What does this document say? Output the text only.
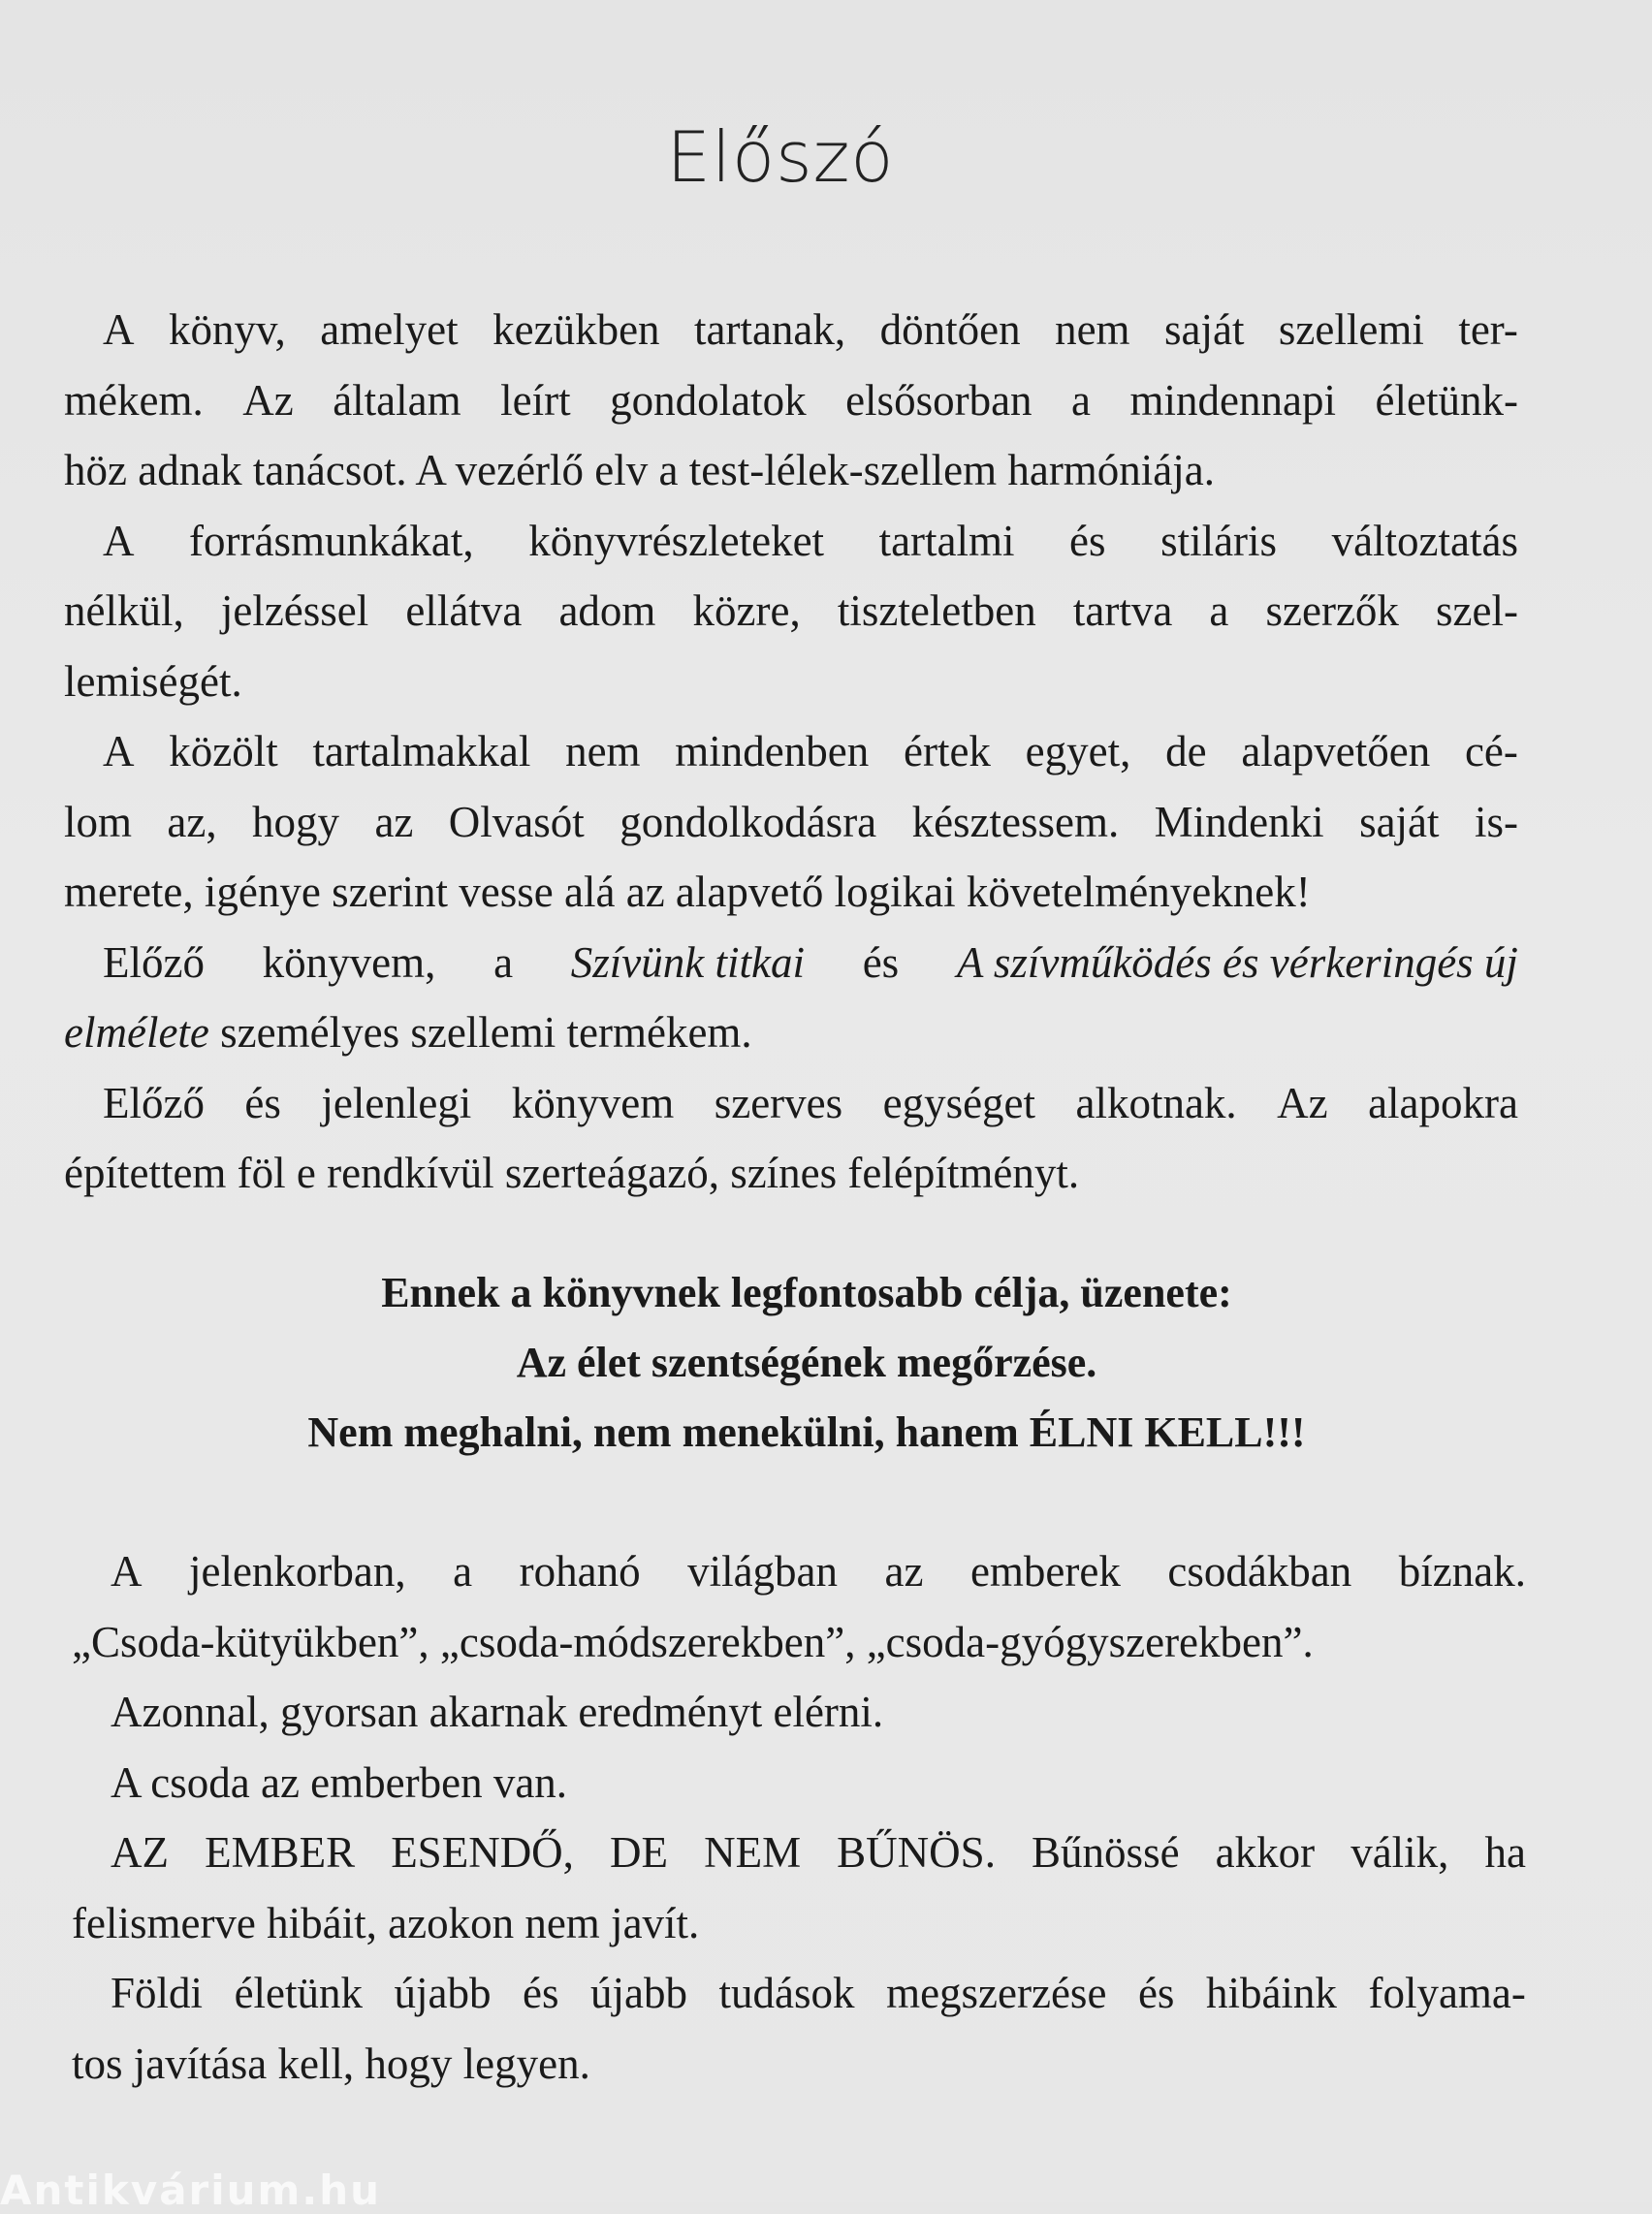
Előszó
A könyv, amelyet kezükben tartanak, döntően nem saját szellemi ter-
mékem. Az általam leírt gondolatok elsősorban a mindennapi életünk-
höz adnak tanácsot. A vezérlő elv a test-lélek-szellem harmóniája.
A forrásmunkákat, könyvrészleteket tartalmi és stiláris változtatás
nélkül, jelzéssel ellátva adom közre, tiszteletben tartva a szerzők szel-
lemiségét.
A közölt tartalmakkal nem mindenben értek egyet, de alapvetően cé-
lom az, hogy az Olvasót gondolkodásra késztessem. Mindenki saját is-
merete, igénye szerint vesse alá az alapvető logikai követelményeknek!
Előző könyvem, a Szívünk titkai és A szívműködés és vérkeringés új
elmélete személyes szellemi termékem.
Előző és jelenlegi könyvem szerves egységet alkotnak. Az alapokra
építettem föl e rendkívül szerteágazó, színes felépítményt.
Ennek a könyvnek legfontosabb célja, üzenete:
Az élet szentségének megőrzése.
Nem meghalni, nem menekülni, hanem ÉLNI KELL!!!
A jelenkorban, a rohanó világban az emberek csodákban bíznak.
„Csoda-kütyükben”, „csoda-módszerekben”, „csoda-gyógyszerekben”.
Azonnal, gyorsan akarnak eredményt elérni.
A csoda az emberben van.
AZ EMBER ESENDŐ, DE NEM BŰNÖS. Bűnössé akkor válik, ha
felismerve hibáit, azokon nem javít.
Földi életünk újabb és újabb tudások megszerzése és hibáink folyama-
tos javítása kell, hogy legyen.
Antikvárium.hu
